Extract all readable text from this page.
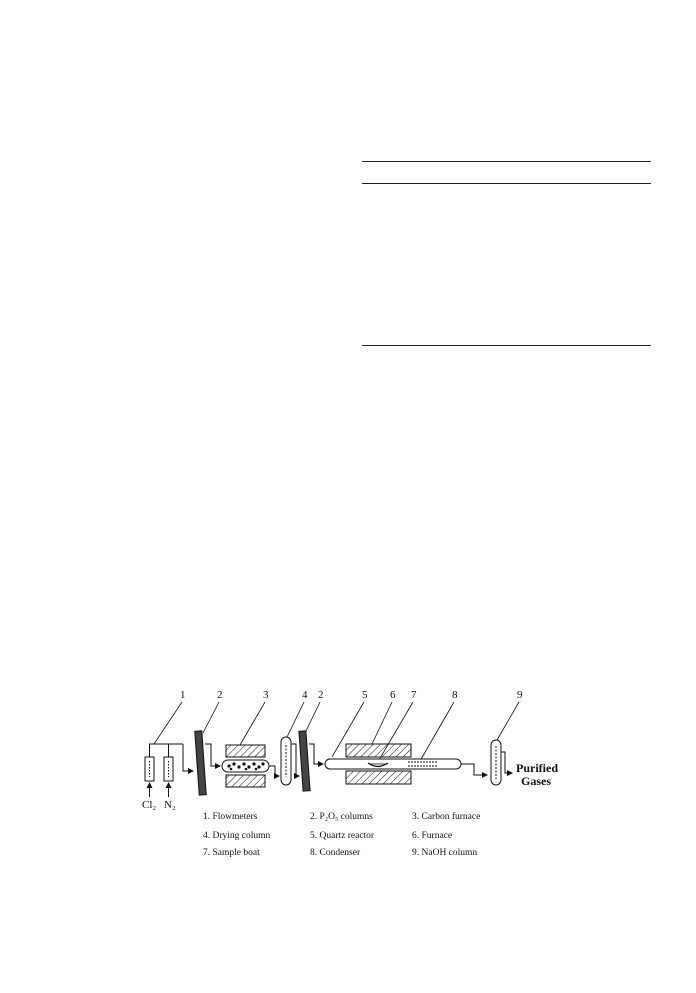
1	2	3	4 2	5 6 7	8	9
Cl₂ N₂
Purified
Gases
1. Flowmeters	2. P₂O₅ columns	3. Carbon furnace
4. Drying column	5. Quartz reactor	6. Furnace
7. Sample boat	8. Condenser	9. NaOH column
